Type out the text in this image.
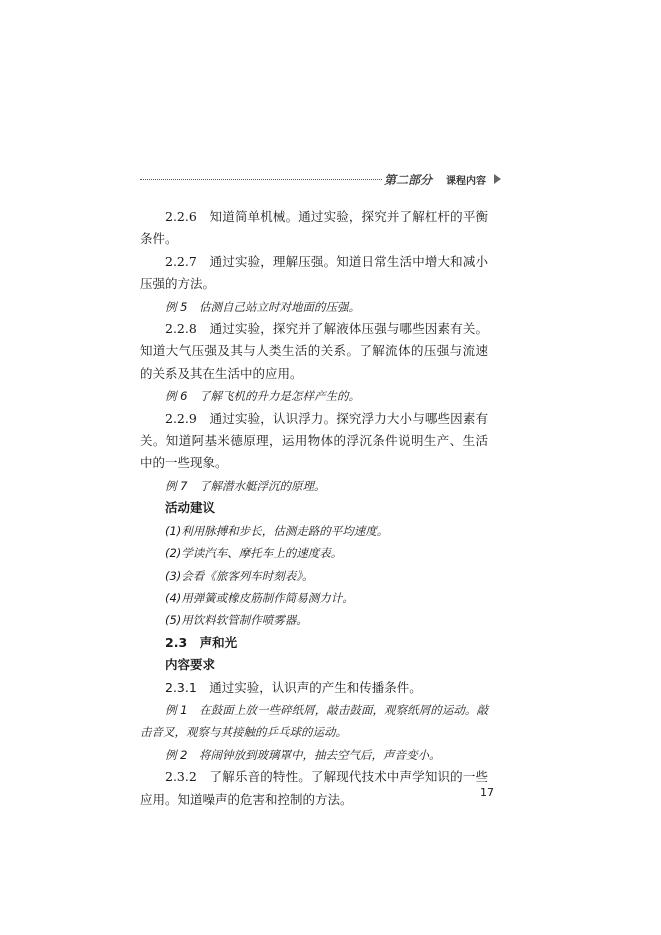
第二部分 课程内容

2.2.6　知道简单机械。通过实验，探究并了解杠杆的平衡条件。

2.2.7　通过实验，理解压强。知道日常生活中增大和减小压强的方法。

例 5　估测自己站立时对地面的压强。

2.2.8　通过实验，探究并了解液体压强与哪些因素有关。知道大气压强及其与人类生活的关系。了解流体的压强与流速的关系及其在生活中的应用。

例 6　了解飞机的升力是怎样产生的。

2.2.9　通过实验，认识浮力。探究浮力大小与哪些因素有关。知道阿基米德原理，运用物体的浮沉条件说明生产、生活中的一些现象。

例 7　了解潜水艇浮沉的原理。

活动建议

(1)利用脉搏和步长，估测走路的平均速度。

(2)学读汽车、摩托车上的速度表。

(3)会看《旅客列车时刻表》。

(4)用弹簧或橡皮筋制作简易测力计。

(5)用饮料软管制作喷雾器。

2.3　声和光

内容要求

2.3.1　通过实验，认识声的产生和传播条件。

例 1　在鼓面上放一些碎纸屑，敲击鼓面，观察纸屑的运动。敲击音叉，观察与其接触的乒乓球的运动。

例 2　将闹钟放到玻璃罩中，抽去空气后，声音变小。

2.3.2　了解乐音的特性。了解现代技术中声学知识的一些应用。知道噪声的危害和控制的方法。	17
